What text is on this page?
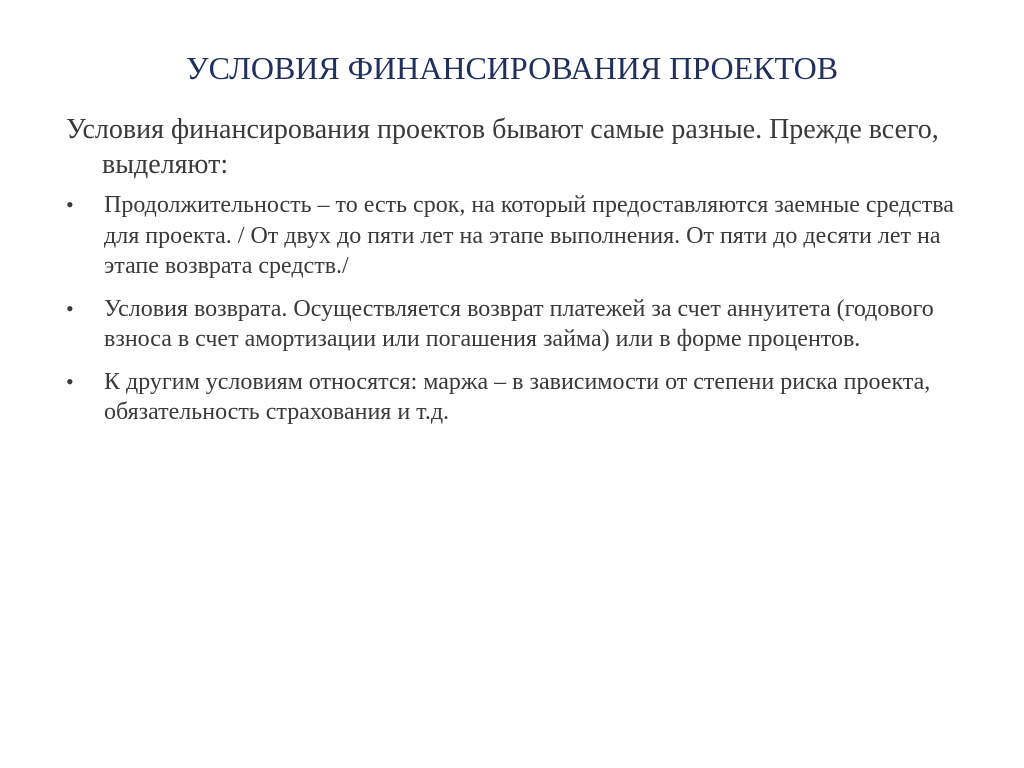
УСЛОВИЯ ФИНАНСИРОВАНИЯ ПРОЕКТОВ

Условия финансирования проектов бывают самые разные. Прежде всего, выделяют:

• Продолжительность – то есть срок, на который предоставляются заемные средства для проекта. / От двух до пяти лет на этапе выполнения. От пяти до десяти лет на этапе возврата средств./
• Условия возврата. Осуществляется возврат платежей за счет аннуитета (годового взноса в счет амортизации или погашения займа) или в форме процентов.
• К другим условиям относятся: маржа – в зависимости от степени риска проекта, обязательность страхования и т.д.
